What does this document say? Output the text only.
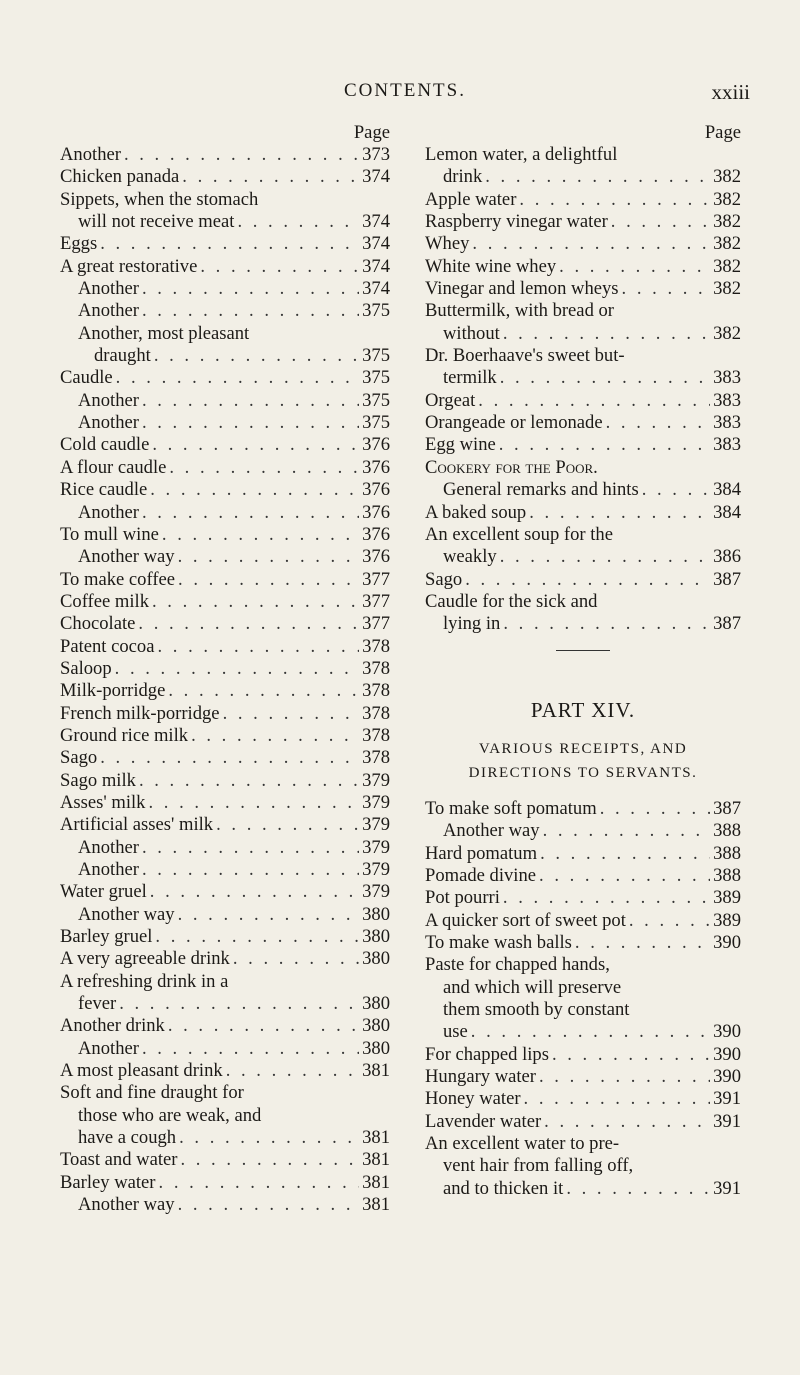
CONTENTS.	xxiii
Page
Another . . .	373
Chicken panada . . .	374
Sippets, when the stomach
will not receive meat . . .	374
Eggs . . .	374
A great restorative . . .	374
Another . . .	374
Another . . .	375
Another, most pleasant
draught . . .	375
Caudle . . .	375
Another . . .	375
Another . . .	375
Cold caudle . . .	376
A flour caudle . . .	376
Rice caudle . . .	376
Another . . .	376
To mull wine . . .	376
Another way . . .	376
To make coffee . . .	377
Coffee milk . . .	377
Chocolate . . .	377
Patent cocoa . . .	378
Saloop . . .	378
Milk-porridge . . .	378
French milk-porridge . . .	378
Ground rice milk . . .	378
Sago . . .	378
Sago milk . . .	379
Asses' milk . . .	379
Artificial asses' milk . . .	379
Another . . .	379
Another . . .	379
Water gruel . . .	379
Another way . . .	380
Barley gruel . . .	380
A very agreeable drink . . .	380
A refreshing drink in a
fever . . .	380
Another drink . . .	380
Another . . .	380
A most pleasant drink . . .	381
Soft and fine draught for
those who are weak, and
have a cough . . .	381
Toast and water . . .	381
Barley water . . .	381
Another way . . .	381
Page
Lemon water, a delightful
drink . . .	382
Apple water . . .	382
Raspberry vinegar water . . .	382
Whey . . .	382
White wine whey . . .	382
Vinegar and lemon wheys . . .	382
Buttermilk, with bread or
without . . .	382
Dr. Boerhaave's sweet but-
termilk . . .	383
Orgeat . . .	383
Orangeade or lemonade . . .	383
Egg wine . . .	383
Cookery for the Poor.
General remarks and hints . . .	384
A baked soup . . .	384
An excellent soup for the
weakly . . .	386
Sago . . .	387
Caudle for the sick and
lying in . . .	387
PART XIV.
VARIOUS RECEIPTS, AND
DIRECTIONS TO SERVANTS.
To make soft pomatum . . .	387
Another way . . .	388
Hard pomatum . . .	388
Pomade divine . . .	388
Pot pourri . . .	389
A quicker sort of sweet pot . . .	389
To make wash balls . . .	390
Paste for chapped hands,
and which will preserve
them smooth by constant
use . . .	390
For chapped lips . . .	390
Hungary water . . .	390
Honey water . . .	391
Lavender water . . .	391
An excellent water to pre-
vent hair from falling off,
and to thicken it . . .	391
